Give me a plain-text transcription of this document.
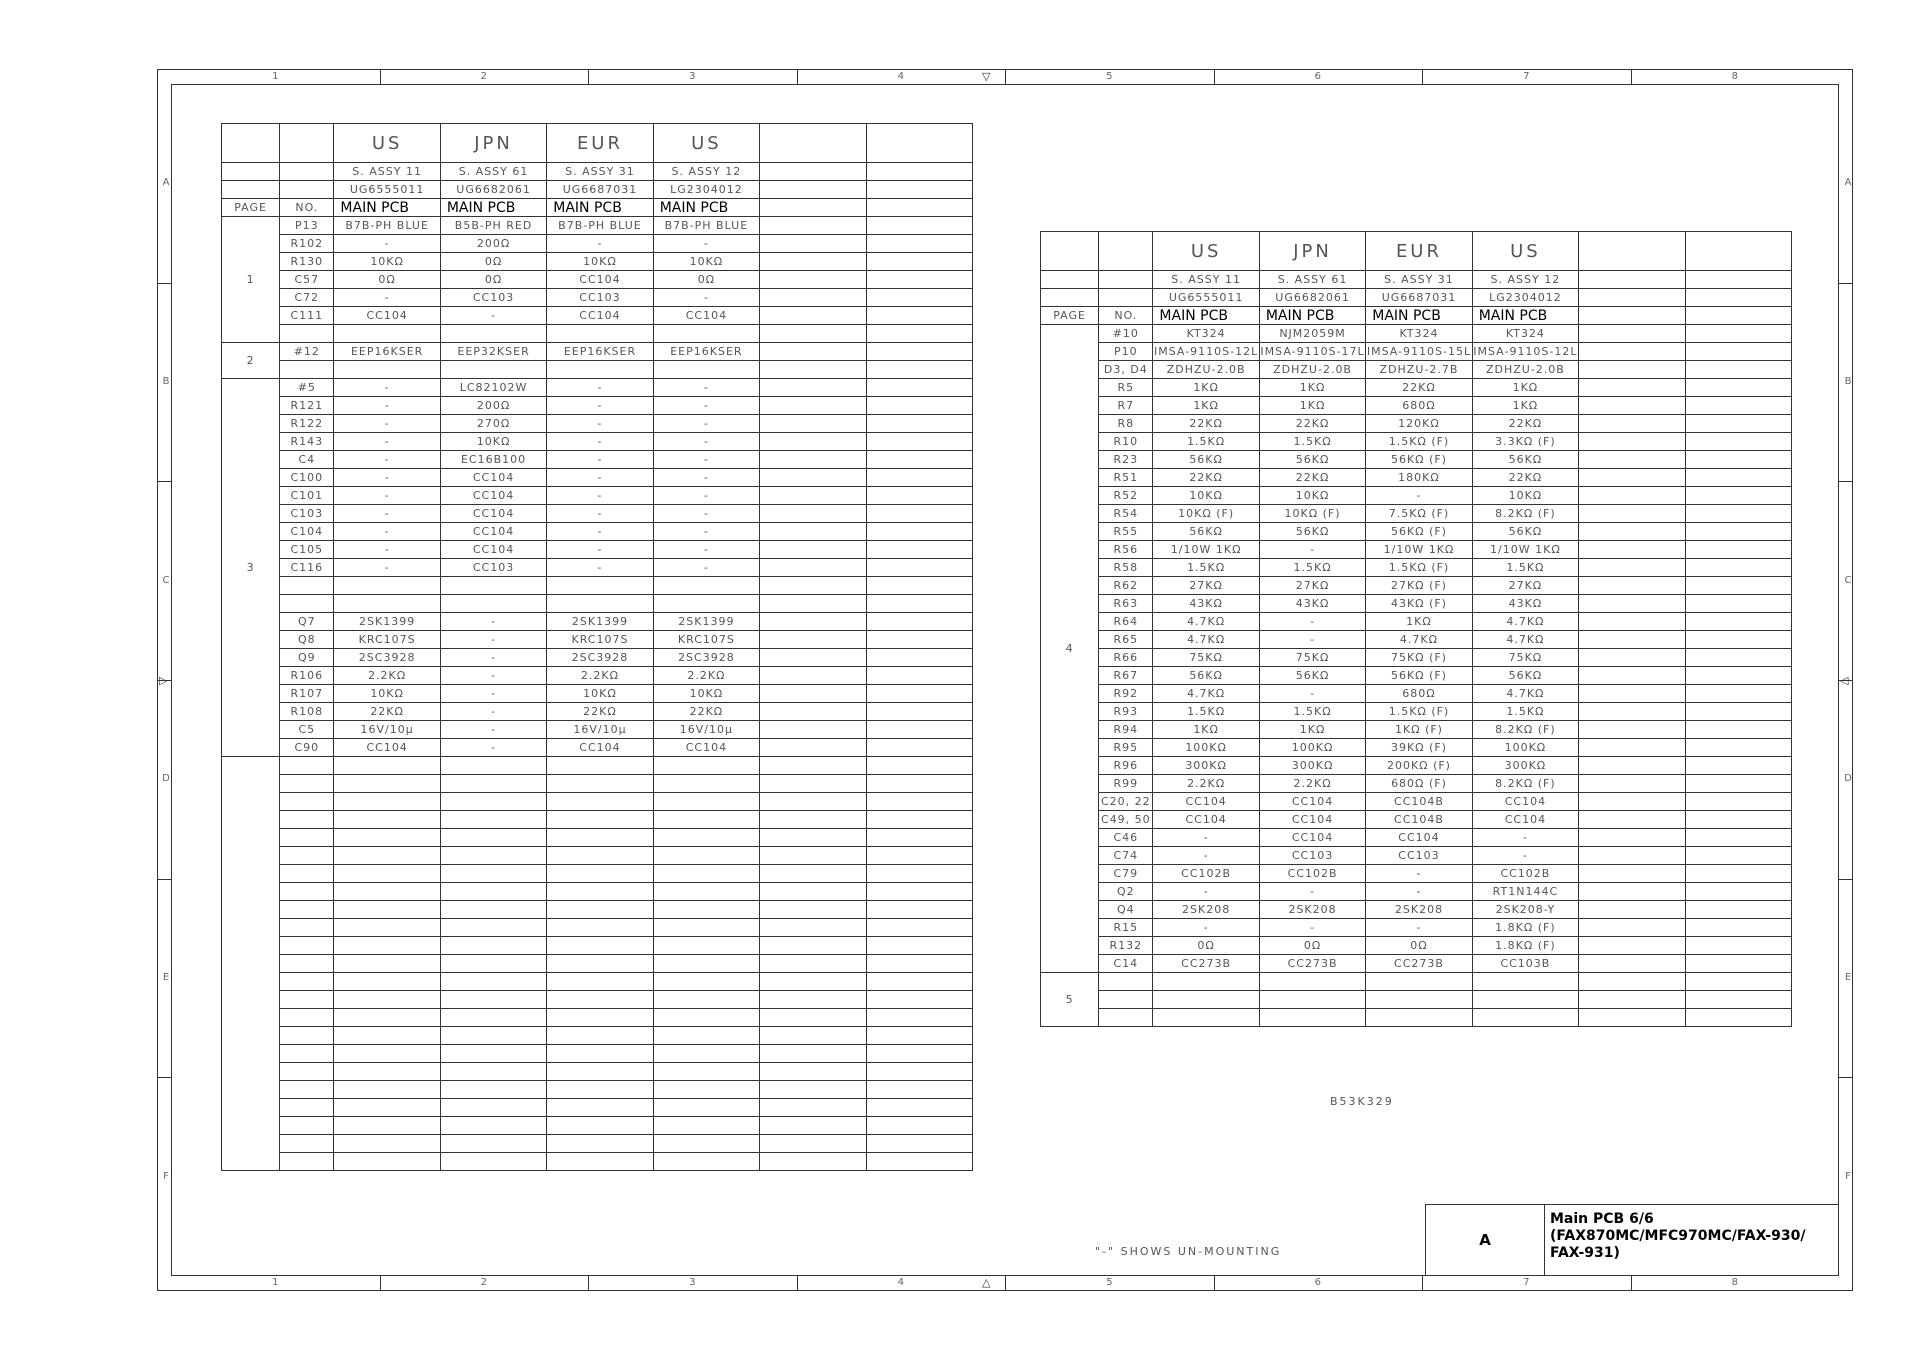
1
1
2
2
3
3
4
4
5
5
6
6
7
7
8
8
A	A
B	B
C	C
D	D
E	E
F	F
▽
△
▷	◁
		US	JPN	EUR	US		
		S. ASSY 11	S. ASSY 61	S. ASSY 31	S. ASSY 12		
		UG6555011	UG6682061	UG6687031	LG2304012		
PAGE	NO.	MAIN PCB	MAIN PCB	MAIN PCB	MAIN PCB		
1	P13	B7B-PH BLUE	B5B-PH RED	B7B-PH BLUE	B7B-PH BLUE		
	R102	-	200Ω	-	-		
	R130	10KΩ	0Ω	10KΩ	10KΩ		
	C57	0Ω	0Ω	CC104	0Ω		
	C72	-	CC103	CC103	-		
	C111	CC104	-	CC104	CC104		

2	#12	EEP16KSER	EEP32KSER	EEP16KSER	EEP16KSER		

3	#5	-	LC82102W	-	-		
	R121	-	200Ω	-	-		
	R122	-	270Ω	-	-		
	R143	-	10KΩ	-	-		
	C4	-	EC16B100	-	-		
	C100	-	CC104	-	-		
	C101	-	CC104	-	-		
	C103	-	CC104	-	-		
	C104	-	CC104	-	-		
	C105	-	CC104	-	-		
	C116	-	CC103	-	-		

	Q7	2SK1399	-	2SK1399	2SK1399		
	Q8	KRC107S	-	KRC107S	KRC107S		
	Q9	2SC3928	-	2SC3928	2SC3928		
	R106	2.2KΩ	-	2.2KΩ	2.2KΩ		
	R107	10KΩ	-	10KΩ	10KΩ		
	R108	22KΩ	-	22KΩ	22KΩ		
	C5	16V/10μ	-	16V/10μ	16V/10μ		
	C90	CC104	-	CC104	CC104		

		US	JPN	EUR	US		
		S. ASSY 11	S. ASSY 61	S. ASSY 31	S. ASSY 12		
		UG6555011	UG6682061	UG6687031	LG2304012		
PAGE	NO.	MAIN PCB	MAIN PCB	MAIN PCB	MAIN PCB		
4	#10	KT324	NJM2059M	KT324	KT324		
	P10	IMSA-9110S-12L	IMSA-9110S-17L	IMSA-9110S-15L	IMSA-9110S-12L		
	D3, D4	ZDHZU-2.0B	ZDHZU-2.0B	ZDHZU-2.7B	ZDHZU-2.0B		
	R5	1KΩ	1KΩ	22KΩ	1KΩ		
	R7	1KΩ	1KΩ	680Ω	1KΩ		
	R8	22KΩ	22KΩ	120KΩ	22KΩ		
	R10	1.5KΩ	1.5KΩ	1.5KΩ (F)	3.3KΩ (F)		
	R23	56KΩ	56KΩ	56KΩ (F)	56KΩ		
	R51	22KΩ	22KΩ	180KΩ	22KΩ		
	R52	10KΩ	10KΩ	-	10KΩ		
	R54	10KΩ (F)	10KΩ (F)	7.5KΩ (F)	8.2KΩ (F)		
	R55	56KΩ	56KΩ	56KΩ (F)	56KΩ		
	R56	1/10W 1KΩ	-	1/10W 1KΩ	1/10W 1KΩ		
	R58	1.5KΩ	1.5KΩ	1.5KΩ (F)	1.5KΩ		
	R62	27KΩ	27KΩ	27KΩ (F)	27KΩ		
	R63	43KΩ	43KΩ	43KΩ (F)	43KΩ		
	R64	4.7KΩ	-	1KΩ	4.7KΩ		
	R65	4.7KΩ	-	4.7KΩ	4.7KΩ		
	R66	75KΩ	75KΩ	75KΩ (F)	75KΩ		
	R67	56KΩ	56KΩ	56KΩ (F)	56KΩ		
	R92	4.7KΩ	-	680Ω	4.7KΩ		
	R93	1.5KΩ	1.5KΩ	1.5KΩ (F)	1.5KΩ		
	R94	1KΩ	1KΩ	1KΩ (F)	8.2KΩ (F)		
	R95	100KΩ	100KΩ	39KΩ (F)	100KΩ		
	R96	300KΩ	300KΩ	200KΩ (F)	300KΩ		
	R99	2.2KΩ	2.2KΩ	680Ω (F)	8.2KΩ (F)		
	C20, 22	CC104	CC104	CC104B	CC104		
	C49, 50	CC104	CC104	CC104B	CC104		
	C46	-	CC104	CC104	-		
	C74	-	CC103	CC103	-		
	C79	CC102B	CC102B	-	CC102B		
	Q2	-	-	-	RT1N144C		
	Q4	2SK208	2SK208	2SK208	2SK208-Y		
	R15	-	-	-	1.8KΩ (F)		
	R132	0Ω	0Ω	0Ω	1.8KΩ (F)		
	C14	CC273B	CC273B	CC273B	CC103B		
5							

B53K329
"-" SHOWS UN-MOUNTING
A
Main PCB 6/6
(FAX870MC/MFC970MC/FAX-930/
FAX-931)
